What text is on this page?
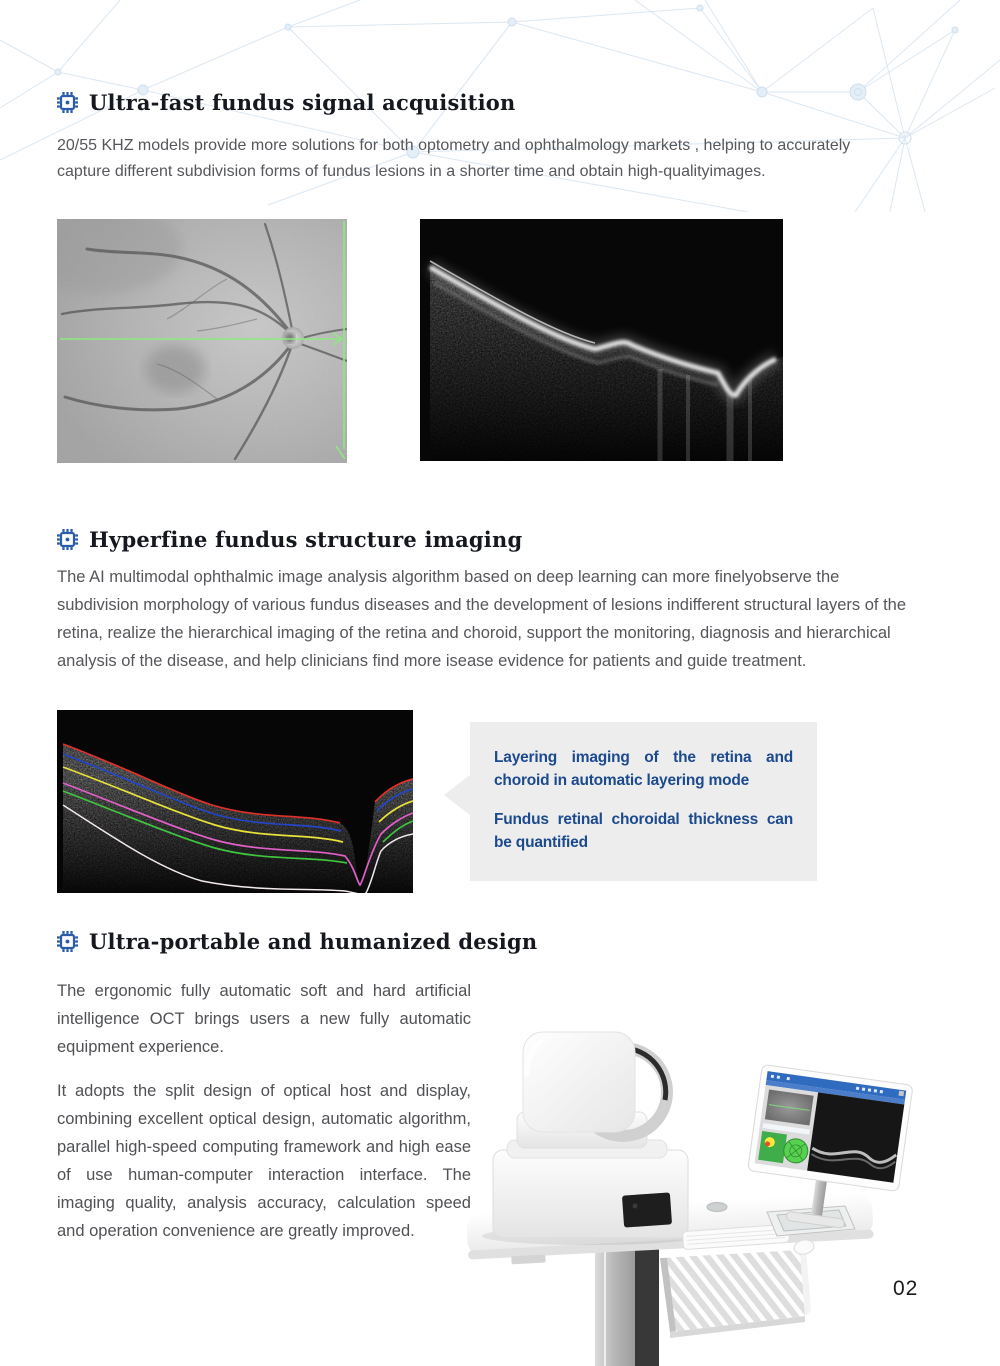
Ultra-fast fundus signal acquisition

20/55 KHZ models provide more solutions for both optometry and ophthalmology markets , helping to accurately capture different subdivision forms of fundus lesions in a shorter time and obtain high-qualityimages.

Hyperfine fundus structure imaging

The AI multimodal ophthalmic image analysis algorithm based on deep learning can more finelyobserve the subdivision morphology of various fundus diseases and the development of lesions indifferent structural layers of the retina, realize the hierarchical imaging of the retina and choroid, support the monitoring, diagnosis and hierarchical analysis of the disease, and help clinicians find more isease evidence for patients and guide treatment.

Layering imaging of the retina and choroid in automatic layering mode

Fundus retinal choroidal thickness can be quantified

Ultra-portable and humanized design

The ergonomic fully automatic soft and hard artificial intelligence OCT brings users a new fully automatic equipment experience.

It adopts the split design of optical host and display, combining excellent optical design, automatic algorithm, parallel high-speed computing framework and high ease of use human-computer interaction interface. The imaging quality, analysis accuracy, calculation speed and operation convenience are greatly improved.

02
